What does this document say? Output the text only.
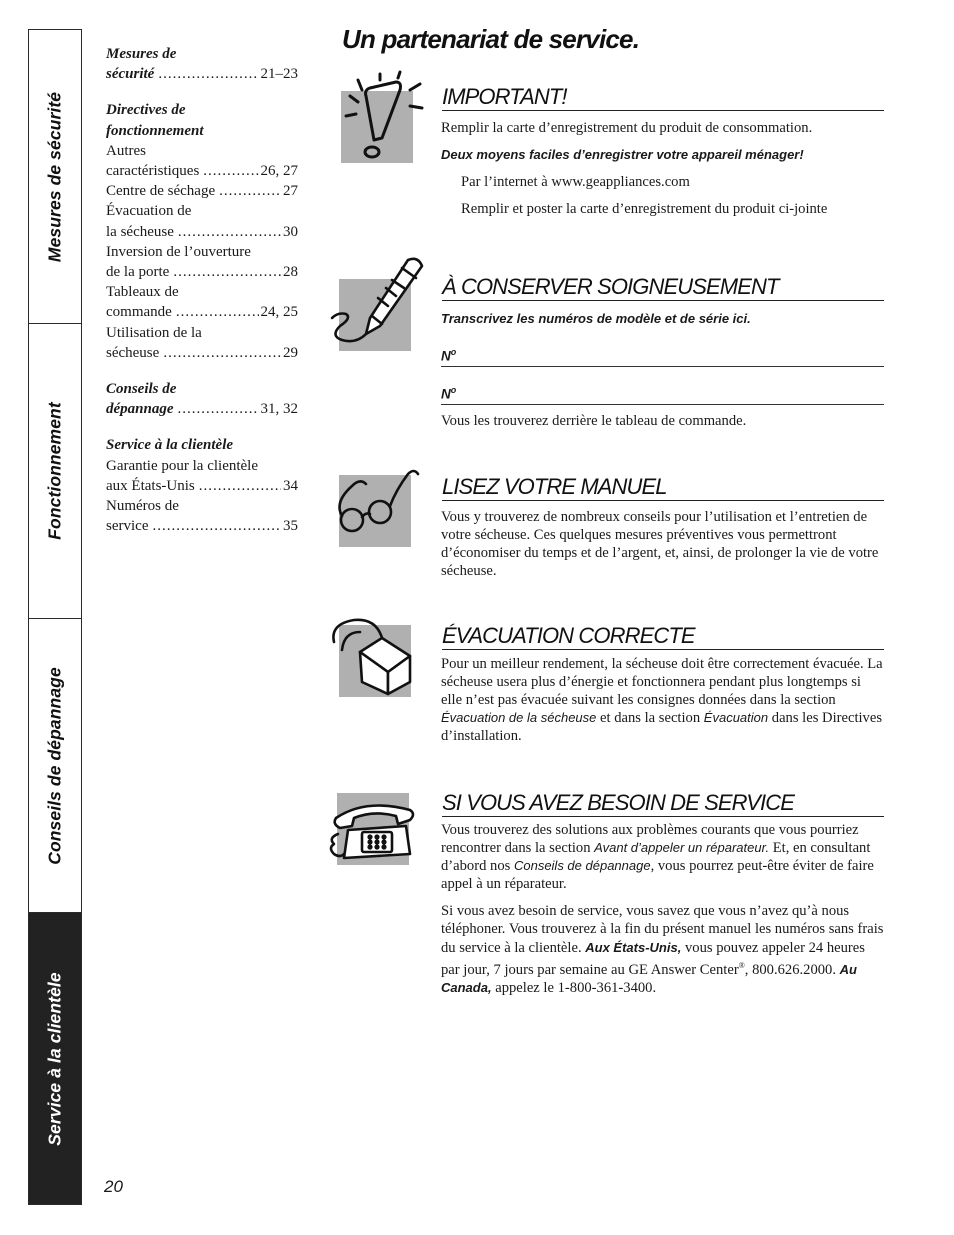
Mesures de sécurité
Fonctionnement
Conseils de dépannage
Service à la clientèle
Mesures de
sécurité .....	21–23
Directives de
fonctionnement
Autres
caractéristiques .....	26, 27
Centre de séchage .....	27
Évacuation de
la sécheuse .....	30
Inversion de l’ouverture
de la porte .....	28
Tableaux de
commande .....	24, 25
Utilisation de la
sécheuse .....	29
Conseils de
dépannage .....	31, 32
Service à la clientèle
Garantie pour la clientèle
aux États-Unis .....	34
Numéros de
service .....	35
20
Un partenariat de service.
IMPORTANT!

Remplir la carte d’enregistrement du produit de consommation.

Deux moyens faciles d’enregistrer votre appareil ménager!

Par l’internet à www.geappliances.com

Remplir et poster la carte d’enregistrement du produit ci-jointe

À CONSERVER SOIGNEUSEMENT
Transcrivez les numéros de modèle et de série ici.
$N^o$
$N^o$
Vous les trouverez derrière le tableau de commande.
LISEZ VOTRE MANUEL
Vous y trouverez de nombreux conseils pour l’utilisation et l’entretien de votre sécheuse. Ces quelques mesures préventives vous permettront d’économiser du temps et de l’argent, et, ainsi, de prolonger la vie de votre sécheuse.
ÉVACUATION CORRECTE

Pour un meilleur rendement, la sécheuse doit être correctement évacuée. La sécheuse usera plus d’énergie et fonctionnera pendant plus longtemps si elle n’est pas évacuée suivant les consignes données dans la section Évacuation de la sécheuse et dans la section Évacuation dans les Directives d’installation.

SI VOUS AVEZ BESOIN DE SERVICE

Vous trouverez des solutions aux problèmes courants que vous pourriez rencontrer dans la section Avant d’appeler un réparateur. Et, en consultant d’abord nos Conseils de dépannage, vous pourrez peut-être éviter de faire appel à un réparateur.

Si vous avez besoin de service, vous savez que vous n’avez qu’à nous téléphoner. Vous trouverez à la fin du présent manuel les numéros sans frais du service à la clientèle. Aux États-Unis, vous pouvez appeler 24 heures par jour, 7 jours par semaine au GE Answer Center®, 800.626.2000. Au Canada, appelez le 1-800-361-3400.
